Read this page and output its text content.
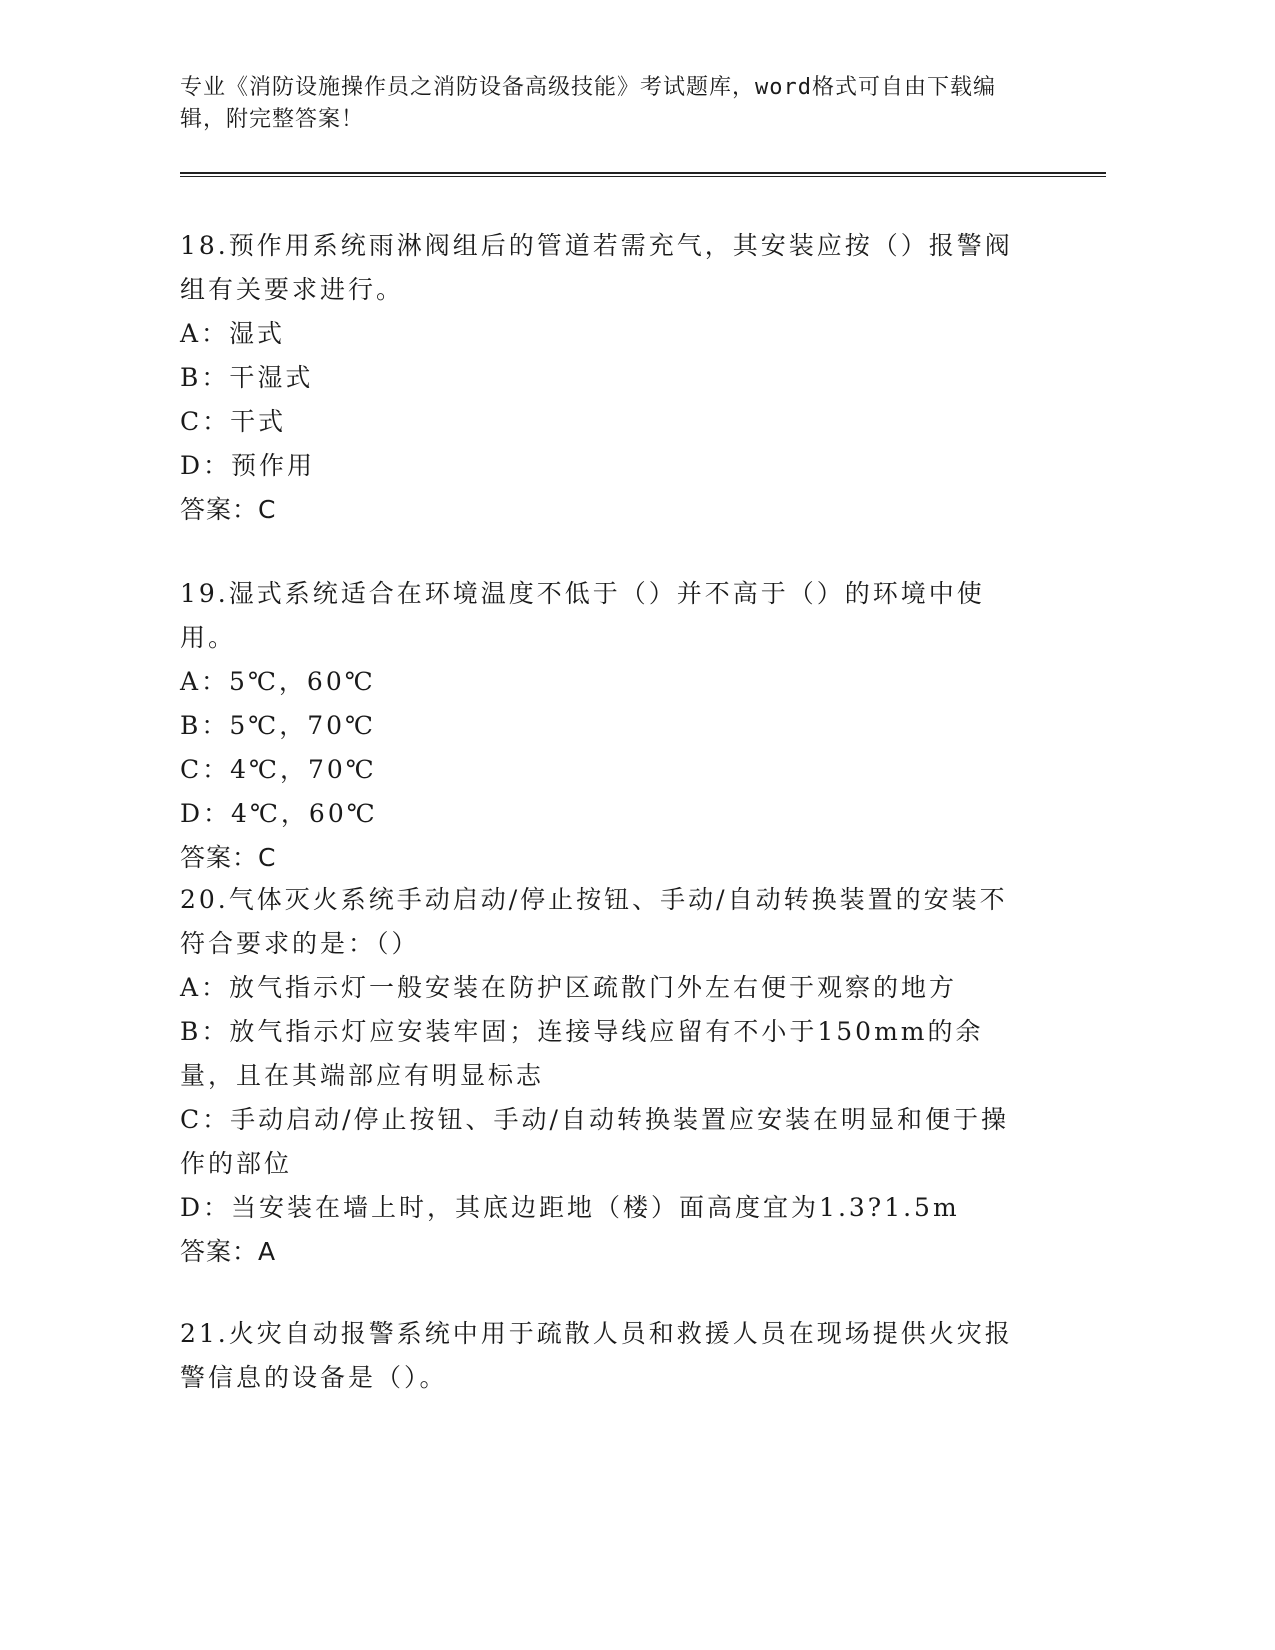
专业《消防设施操作员之消防设备高级技能》考试题库，word格式可自由下载编辑，附完整答案！
18.预作用系统雨淋阀组后的管道若需充气，其安装应按（）报警阀组有关要求进行。
A：湿式
B：干湿式
C：干式
D：预作用
答案：C
19.湿式系统适合在环境温度不低于（）并不高于（）的环境中使用。
A：5℃，60℃
B：5℃，70℃
C：4℃，70℃
D：4℃，60℃
答案：C
20.气体灭火系统手动启动/停止按钮、手动/自动转换装置的安装不符合要求的是：（）
A：放气指示灯一般安装在防护区疏散门外左右便于观察的地方
B：放气指示灯应安装牢固；连接导线应留有不小于150mm的余量，且在其端部应有明显标志
C：手动启动/停止按钮、手动/自动转换装置应安装在明显和便于操作的部位
D：当安装在墙上时，其底边距地（楼）面高度宜为1.3?1.5m
答案：A
21.火灾自动报警系统中用于疏散人员和救援人员在现场提供火灾报警信息的设备是（）。
